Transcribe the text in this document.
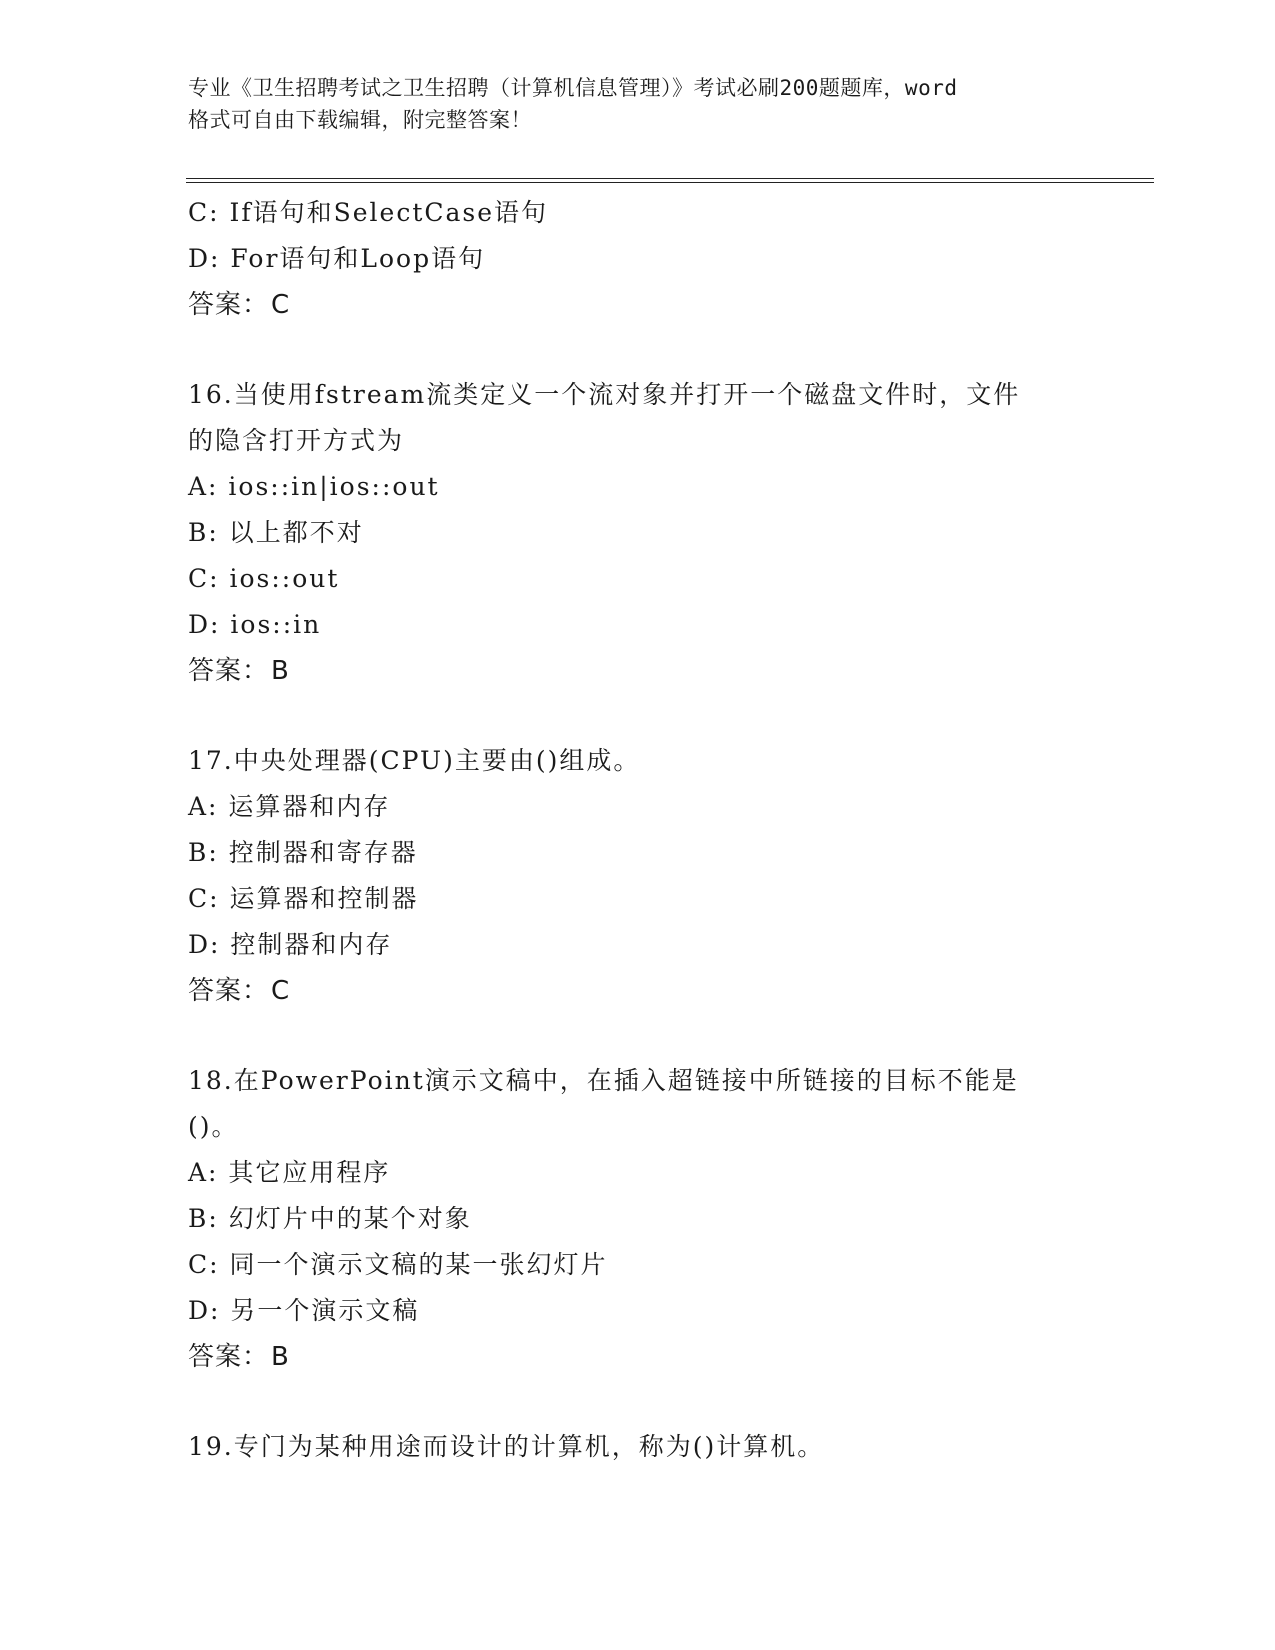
专业《卫生招聘考试之卫生招聘（计算机信息管理）》考试必刷200题题库，word
格式可自由下载编辑，附完整答案！
C: If语句和SelectCase语句
D: For语句和Loop语句
答案：C
16.当使用fstream流类定义一个流对象并打开一个磁盘文件时，文件
的隐含打开方式为
A: ios::in|ios::out
B: 以上都不对
C: ios::out
D: ios::in
答案：B
17.中央处理器(CPU)主要由()组成。
A: 运算器和内存
B: 控制器和寄存器
C: 运算器和控制器
D: 控制器和内存
答案：C
18.在PowerPoint演示文稿中，在插入超链接中所链接的目标不能是
()。
A: 其它应用程序
B: 幻灯片中的某个对象
C: 同一个演示文稿的某一张幻灯片
D: 另一个演示文稿
答案：B
19.专门为某种用途而设计的计算机，称为()计算机。
